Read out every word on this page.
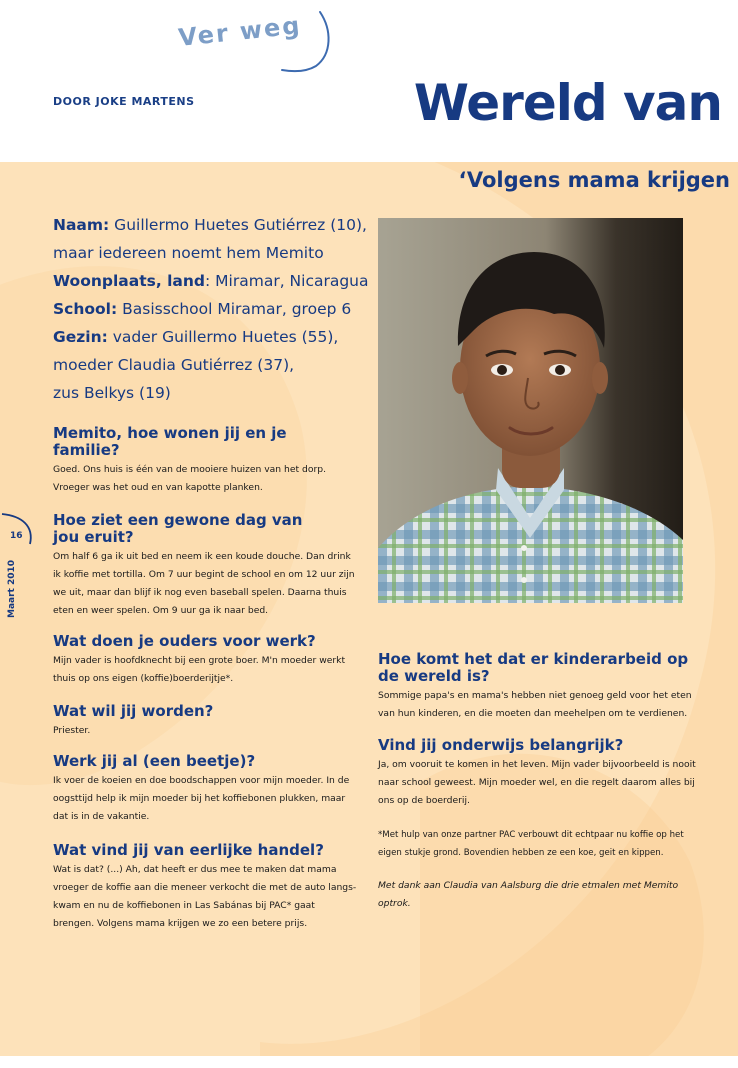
Ver weg
DOOR JOKE MARTENS	Wereld van
‘Volgens mama krijgen
Naam: Guillermo Huetes Gutiérrez (10),
maar iedereen noemt hem Memito
Woonplaats, land: Miramar, Nicaragua
School: Basisschool Miramar, groep 6
Gezin: vader Guillermo Huetes (55),
moeder Claudia Gutiérrez (37),
zus Belkys (19)
Memito, hoe wonen jij en je familie?

Goed. Ons huis is één van de mooiere huizen van het dorp. Vroeger was het oud en van kapotte planken.

Hoe ziet een gewone dag van jou eruit?

Om half 6 ga ik uit bed en neem ik een koude douche. Dan drink ik koffie met tortilla. Om 7 uur begint de school en om 12 uur zijn we uit, maar dan blijf ik nog even baseball spelen. Daarna thuis eten en weer spelen. Om 9 uur ga ik naar bed.

Wat doen je ouders voor werk?

Mijn vader is hoofdknecht bij een grote boer. M'n moeder werkt thuis op ons eigen (koffie)boerderijtje*.

Wat wil jij worden?

Priester.

Werk jij al (een beetje)?

Ik voer de koeien en doe boodschappen voor mijn moeder. In de oogsttijd help ik mijn moeder bij het koffiebonen plukken, maar dat is in de vakantie.

Wat vind jij van eerlijke handel?

Wat is dat? (...) Ah, dat heeft er dus mee te maken dat mama vroeger de koffie aan die meneer verkocht die met de auto langs-kwam en nu de koffiebonen in Las Sabánas bij PAC* gaat brengen. Volgens mama krijgen we zo een betere prijs.

Hoe komt het dat er kinderarbeid op de wereld is?

Sommige papa's en mama's hebben niet genoeg geld voor het eten van hun kinderen, en die moeten dan meehelpen om te verdienen.

Vind jij onderwijs belangrijk?

Ja, om vooruit te komen in het leven. Mijn vader bijvoorbeeld is nooit naar school geweest. Mijn moeder wel, en die regelt daarom alles bij ons op de boerderij.

*Met hulp van onze partner PAC verbouwt dit echtpaar nu koffie op het eigen stukje grond. Bovendien hebben ze een koe, geit en kippen.
Met dank aan Claudia van Aalsburg die drie etmalen met Memito optrok.
16
Maart 2010
